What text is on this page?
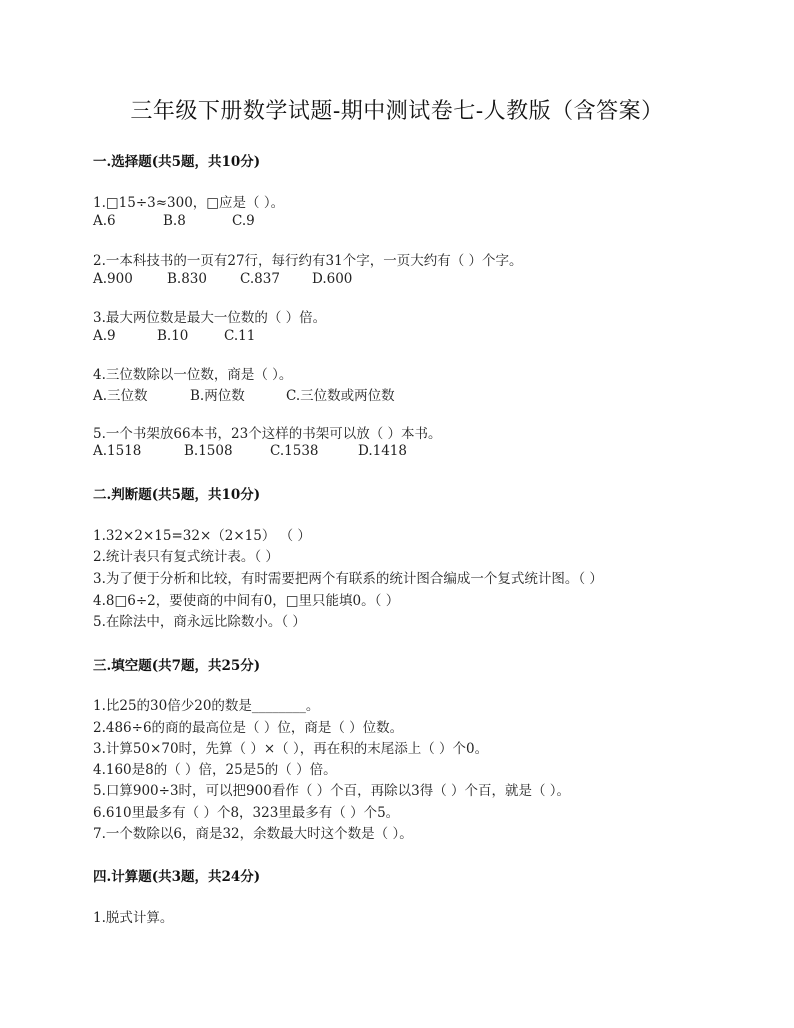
三年级下册数学试题-期中测试卷七-人教版（含答案）
一.选择题(共5题，共10分)
1.□15÷3≈300，□应是（ ）。
A.6	B.8	C.9
2.一本科技书的一页有27行，每行约有31个字，一页大约有（ ）个字。
A.900	B.830 C.837 D.600
3.最大两位数是最大一位数的（ ）倍。
A.9	B.10	C.11
4.三位数除以一位数，商是（ ）。
A.三位数	B.两位数	C.三位数或两位数
5.一个书架放66本书，23个这样的书架可以放（ ）本书。
A.1518	B.1508	C.1538	D.1418
二.判断题(共5题，共10分)
1.32×2×15=32×（2×15） （ ）
2.统计表只有复式统计表。（ ）
3.为了便于分析和比较，有时需要把两个有联系的统计图合编成一个复式统计图。（ ）
4.8□6÷2，要使商的中间有0，□里只能填0。（ ）
5.在除法中，商永远比除数小。（ ）
三.填空题(共7题，共25分)
1.比25的30倍少20的数是________。
2.486÷6的商的最高位是（ ）位，商是（ ）位数。
3.计算50×70时，先算（ ）×（ ），再在积的末尾添上（ ）个0。
4.160是8的（ ）倍，25是5的（ ）倍。
5.口算900÷3时，可以把900看作（ ）个百，再除以3得（ ）个百，就是（ ）。
6.610里最多有（ ）个8，323里最多有（ ）个5。
7.一个数除以6，商是32，余数最大时这个数是（ ）。
四.计算题(共3题，共24分)
1.脱式计算。
